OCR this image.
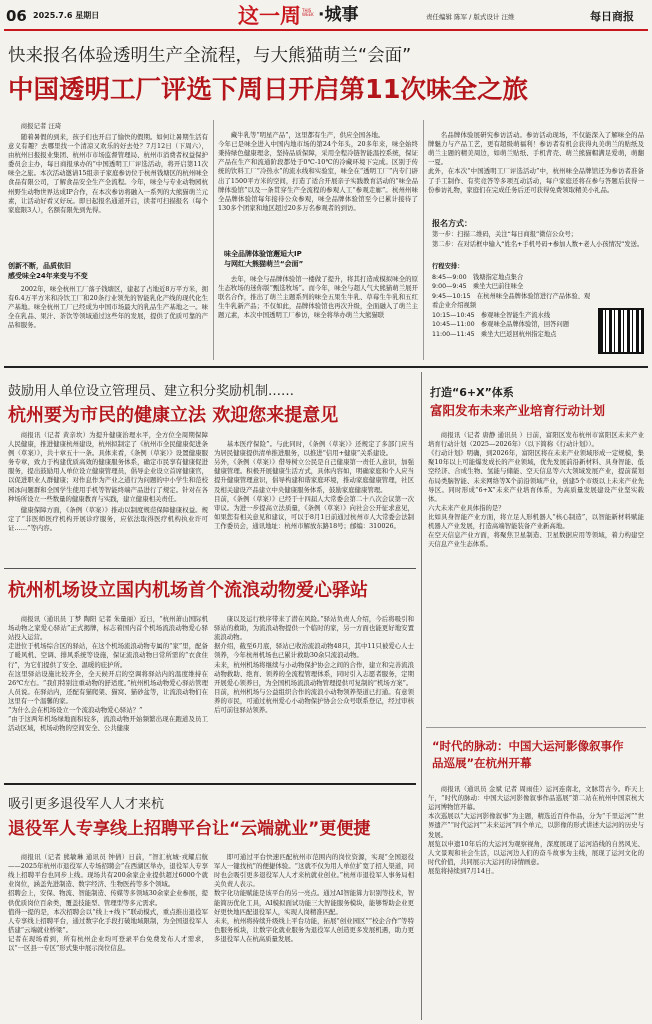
06 2025.7.6 星期日	这一周 THIS WEEK ·城事	责任编辑 陈军 / 版式设计 汪维	每日商报
快来报名体验透明生产全流程，与大熊猫萌兰“会面”
中国透明工厂评选下周日开启第11次味全之旅
商报记者 汪琦

随着暑假的到来，孩子们也开启了愉快的假期。如何让暑期生活有意义有趣？去哪里找一个清凉又欢乐的好去处？7月12日（下周六），由杭州日报报业集团、杭州市市场监督管理局、杭州市消费者权益保护委员会主办，每日商报承办的“中国透明工厂评选活动，将开启第11次味全之旅。本次活动邀请15组亲子家庭参访位于杭州钱塘区的杭州味全食品有限公司，了解食品安全生产全流程。今年，味全与专业动物园杭州野生动物世界达成IP合作，在本次参访将融入一系列的大熊猫萌兰元素，让活动好看又好玩。即日起报名通道开启，读者可扫描报名（每个家庭限3人），名额有限先到先得。

创新不断，品质依旧
感受味全24年来变与不变

2002年，味全杭州工厂落子钱塘区，建起了占地近8万平方米，拥有6.4万平方米和冷饮工厂和20条行业领先的智能乳化产线的现代化生产基地。味全杭州工厂已经成为中国市场最大的乳品生产基地之一。味全在乳品、果汁、茶饮等领域通过这些年的发展，提供了优质可靠的产品和服务。

藏牛乳等“明星产品”，这里都有生产，供应全国各地。
今年已是味全进入中国内地市场的第24个年头，20多年来，味全始终秉持绿色健康理念，坚持品质保障，采用全程冷链智能温控系统，保证产品在生产和流通阶段都处于0℃-10℃的冷藏环境下完成。区别于传统的饮料工厂“冷热水”的流水线和实验室，味全在“透明工厂”内专门辟出了1500平方米的空间，打造了适合开展亲子实践教育活动的“味全品牌体验馆”以及一条贯穿生产全流程的参观人工“参观走廊”。杭州州味全品牌体验馆每年接待公众参观，味全品牌体验馆至今已累计接待了130多个团家和地区超过20多万名参观者的到访。

味全品牌体验馆邂逅大IP
与网红大熊猫萌兰“会面”

去年，味全与品牌体验馆一楼做了提升，将其打造成模拟味全的原生态牧场的迷你版“甄选牧场”。而今年，味全与超人气大熊猫萌兰展开联名合作，推出了萌兰主题系列的味全五果生牛乳、草莓生牛乳和五红生牛乳新产品；不仅如此，品牌体验馆也再次升级，全面融入了萌兰主题元素，本次中国透明工厂参访，味全将举办萌兰大熊猫联

名品牌体验展研究参访活动。参访活动现场，不仅能深入了解味全的品牌魅力与产品工艺，更有超级萌福利！参访者有机会获得丸美萌兰的贴纸及萌兰主题的精美周边，如萌兰贴纸、手机背壳、萌兰熊猫帽满足爱萌，萌翻一夏。
此外，在本次“中国透明工厂评选活动”中，杭州味全品牌馆还为参访者准备了手工制作、有奖竞答等多项互动活动，每户家庭还将在参与答题后获得一份参访礼物，家庭们在完成任务后还可获得免费领取精美小礼品。

报名方式：
第一步：扫描二维码，关注“每日商报”微信公众号；
第二步：在对话框中输入“姓名+手机号码+参加人数+老人小孩情况”发送。
行程安排：
8:45—9:00　钱塘指定地点集合
9:00—9:45　乘坐大巴前往味全
9:45—10:15　在杭州味全品牌体验馆进行产品体验、观看企业介绍视频
10:15—10:45　参观味全智能生产流水线
10:45—11:00　参观味全品牌体验馆，回答问题
11:00—11:45　乘坐大巴返回杭州指定地点
鼓励用人单位设立管理员、建立积分奖励机制……
杭州要为市民的健康立法 欢迎您来提意见

商报讯（记者 黄亲坎）为提升健康治理水平，全方位全周期保障人民健康，推进健康杭州建设，杭州拟制定了《杭州市全民健康促进条例（草案）》，共十章五十一条。具体来看，《条例（草案）》设置健康服务专章，致力于构建优质高效的健康服务体系，确定市民享有健康促进服务，提出鼓励用人单位设立健康管理员，倡导企业设立首席健康官，以促进职业人群健康；对作息作为产业之道行为问题的中小学生和范校园冰问题群和全国学生使用手机等智能终端产品进行了规定。针对在各种场所设立一些数量的健康教育与实践，建立健康相关责任。

健康保障方面，《条例（草案）》推动以制度规范保障健康权益。规定了“非医师医疗机构开展诊疗服务，应依法取得医疗机构执业许可证……”等内容。

基本医疗保险”。与此同时，《条例（草案）》还规定了多部门应当为居民健康提供清单推进服务，以推进“信用+健康”关系建设。
另外，《条例（草案）》借导树立公民是自己健康第一责任人意识，加强健康管理。积极开展健康生活方式，具体内容如，明确家庭和个人应当提升健康管理意识，倡导构建和谐家庭环境，推动家庭健康管理，社区及相关建设产品建立中央健康服务体系，鼓励家庭健康管理。
目前，《条例（草案）》已经于十四届人大常委会第二十八次会议第一次审议。为进一步提高立法质量，《条例（草案）》向社会公开征求意见，如果您有相关意见和建议，可以于8月1日前通过杭州市人大常委会法制工作委员会，通讯地址：杭州市解放东路18号；邮编：310026。

杭州机场设立国内机场首个流浪动物爱心驿站

商报讯（通讯员 丁梦 陶阳 记者 朱量丽）近日，“杭州萧山国际机场动物之家爱心驿站”正式揭牌，标志着国内首个机场流浪动物爱心驿站投入运营。
走进位于机场综合区的驿站，在这个机场流浪动物专属的“家”里，配备了暖风机、空调、排风系统等设施，保证流浪动物日常所需的“衣食住行”，为它们提供了安全、温暖的庇护所。
在这里驿站设施比较齐全，全天候开启的空调将驿站内的温度维持在26℃左右。“我们特别注重动物的舒适度。”杭州机场动物爱心驿站管理人员说。在驿站内，还配有猫爬架、猫窝、猫砂盆等，让流浪动物们在这里有一个温馨的家。
“为什么会在机场设立一个流浪动物爱心驿站？”
“由于这两年机场绿地面积较多，流浪动物开始频繁出现在跑道及员工活动区域，机场动物的空间安全、公共健康

康以及运行秩序带来了潜在风险。”驿站负责人介绍，今后将吸引和驿站的救助，为流浪动物提供一个临时的家，另一方面也能更好地安置流浪动物。
据介绍，截至6月底，驿站已收治流浪动物48只，其中11只被爱心人士领养，今年杭州机场也已累计救助30余只流浪动物。
未来，杭州机场将继续与小动物保护协会之间的合作，建立和完善流浪动物救助、绝育、领养的全流程管理体系，同时引入志愿者服务，定期开展爱心领养日，为全国机场流浪动物管理提供可复制的“机场方案”。
目前，杭州机场与公益组织合作的流浪小动物领养渠道已打通。有意领养的市民，可通过杭州爱心小动物保护协会公众号联系登记，经过审核后可前往驿站领养。

吸引更多退役军人人才来杭
退役军人专享线上招聘平台让“云端就业”更便捷

商报讯（记者 熊敏琳 通讯员 钟倩）日前，“智汇杭城·戎耀启航——2025年杭州市退役军人专场招聘会”在西湖区举办，退役军人专享线上招聘平台也同步上线。现场共有200余家企业提供超过6000个就业岗位，涵盖先进制造、数字经济、生物医药等多个领域。
招聘会上，安保、物流、智能制造、传媒等多领域30余家企业参展，提供优质岗位百余类，覆盖技能型、管理型等多元需求。
值得一提的是，本次招聘会以“线上+线下”联动模式，重点推出退役军人专享线上招聘平台，通过数字化手段打破地域限制，为全国退役军人搭建“云端就业桥梁”。
记者在现场看到，所有杭州企业均可登录平台免费发布人才需求，以“一区县一专区”形式集中展示岗位信息。

即可通过平台快速匹配杭州市范围内的岗位资源，实现“全国退役军人一键找杭”的便捷体验。“这就不仅为用人单位扩宽了招人渠道，同时也会吸引更多退役军人人才来杭就业创业。”杭州市退役军人事务局相关负责人表示。
数字化功能赋能是该平台的另一亮点。通过AI智能算力识别等技术，智能简历优化工具，AI模拟面试功能三大智能服务模块，能够帮助企业更好更快地匹配退役军人，实现人岗精准匹配。
未来，杭州将持续升级线上平台功能，拓展“创业园区”“校企合作”等特色服务板块，让数字化就业服务为退役军人创造更多发展机遇，助力更多退役军人在杭高质量发展。

打造“6+X”体系
富阳发布未来产业培育行动计划

商报讯（记者 唐静 通讯员 ）日前，富阳区发布杭州市富阳区未来产业培育行动计划（2025—2026年）（以下简称《行动计划》）。
《行动计划》明确，到2026年，富阳区将在未来产业领域形成一定规模，集聚10年以上可能爆发成长的产业领域，优先发展前沿新材料、具身智能、低空经济、合成生物、氢能与储能、空天信息等六大领域发展产业，提前谋划布局类脑智能、未来网络等X个前沿领域产业，创建5个市级以上未来产业先导区。同时形成“6+X”未来产业培育体系，为高质量发展建设产业坚实载体。
六大未来产业具体指的是？
比如具身智能产业方面，将立足人形机器人“核心制造”，以智能新材料赋能机器人产业发展，打造高端智能装备产业新高地。
在空天信息产业方面，将聚焦卫星制造、卫星数据应用等领域，着力构建空天信息产业生态体系。

“时代的脉动：中国大运河影像叙事作品巡展”在杭州开幕

商报讯（通讯员 金斌 记者 周雨佳）运河连南北，文脉贯古今。昨天上午，“时代的脉动：中国大运河影像叙事作品巡展”第二站在杭州中国京杭大运河博物馆开幕。
本次巡展以“大运河影像叙事”为主题，精选近百件作品，分为“千里运河”“世界遗产”“时代运河”“未来运河”四个单元，以影像的形式讲述大运河的历史与发展。
展览以申遗10年后的大运河为观察视角，深度展现了运河沿线的自然风光、人文景观和社会生活，以运河边人们的奋斗故事为主线，展现了运河文化的时代价值，共同展示大运河的诗情画意。
展览将持续到7月14日。
